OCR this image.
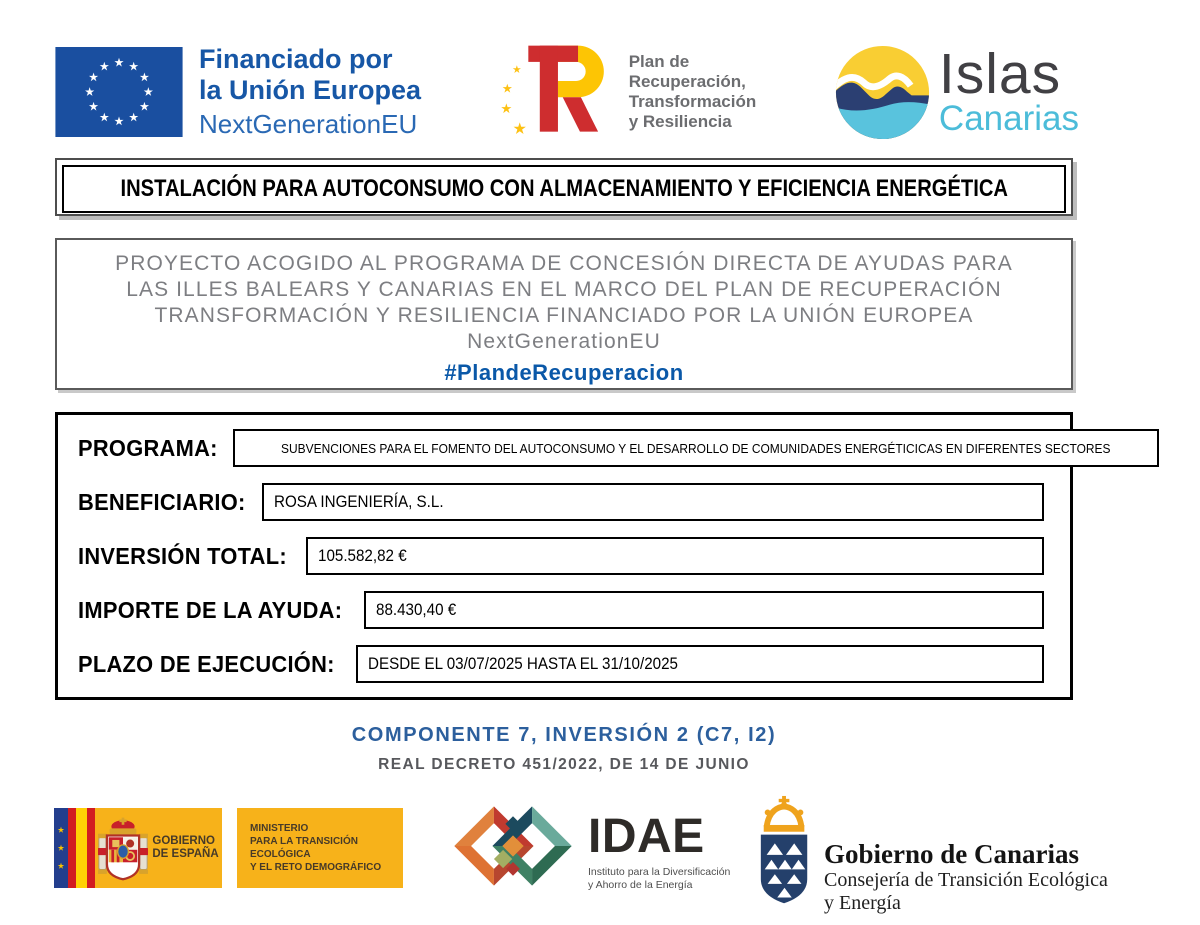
Financiado por
la Unión Europea
NextGenerationEU
Plan de
Recuperación,
Transformación
y Resiliencia
Islas
Canarias
INSTALACIÓN PARA AUTOCONSUMO CON ALMACENAMIENTO Y EFICIENCIA ENERGÉTICA
PROYECTO ACOGIDO AL PROGRAMA DE CONCESIÓN DIRECTA DE AYUDAS PARA
LAS ILLES BALEARS Y CANARIAS EN EL MARCO DEL PLAN DE RECUPERACIÓN
TRANSFORMACIÓN Y RESILIENCIA FINANCIADO POR LA UNIÓN EUROPEA
NextGenerationEU
#PlandeRecuperacion
PROGRAMA:	SUBVENCIONES PARA EL FOMENTO DEL AUTOCONSUMO Y EL DESARROLLO DE COMUNIDADES ENERGÉTICICAS EN DIFERENTES SECTORES
BENEFICIARIO: ROSA INGENIERÍA, S.L.
INVERSIÓN TOTAL: 105.582,82 €
IMPORTE DE LA AYUDA: 88.430,40 €
PLAZO DE EJECUCIÓN: DESDE EL 03/07/2025 HASTA EL 31/10/2025
COMPONENTE 7, INVERSIÓN 2 (C7, I2)
REAL DECRETO 451/2022, DE 14 DE JUNIO
GOBIERNO
DE ESPAÑA
MINISTERIO
PARA LA TRANSICIÓN ECOLÓGICA
Y EL RETO DEMOGRÁFICO
IDAE
Instituto para la Diversificación
y Ahorro de la Energía
Gobierno de Canarias
Consejería de Transición Ecológica
y Energía
